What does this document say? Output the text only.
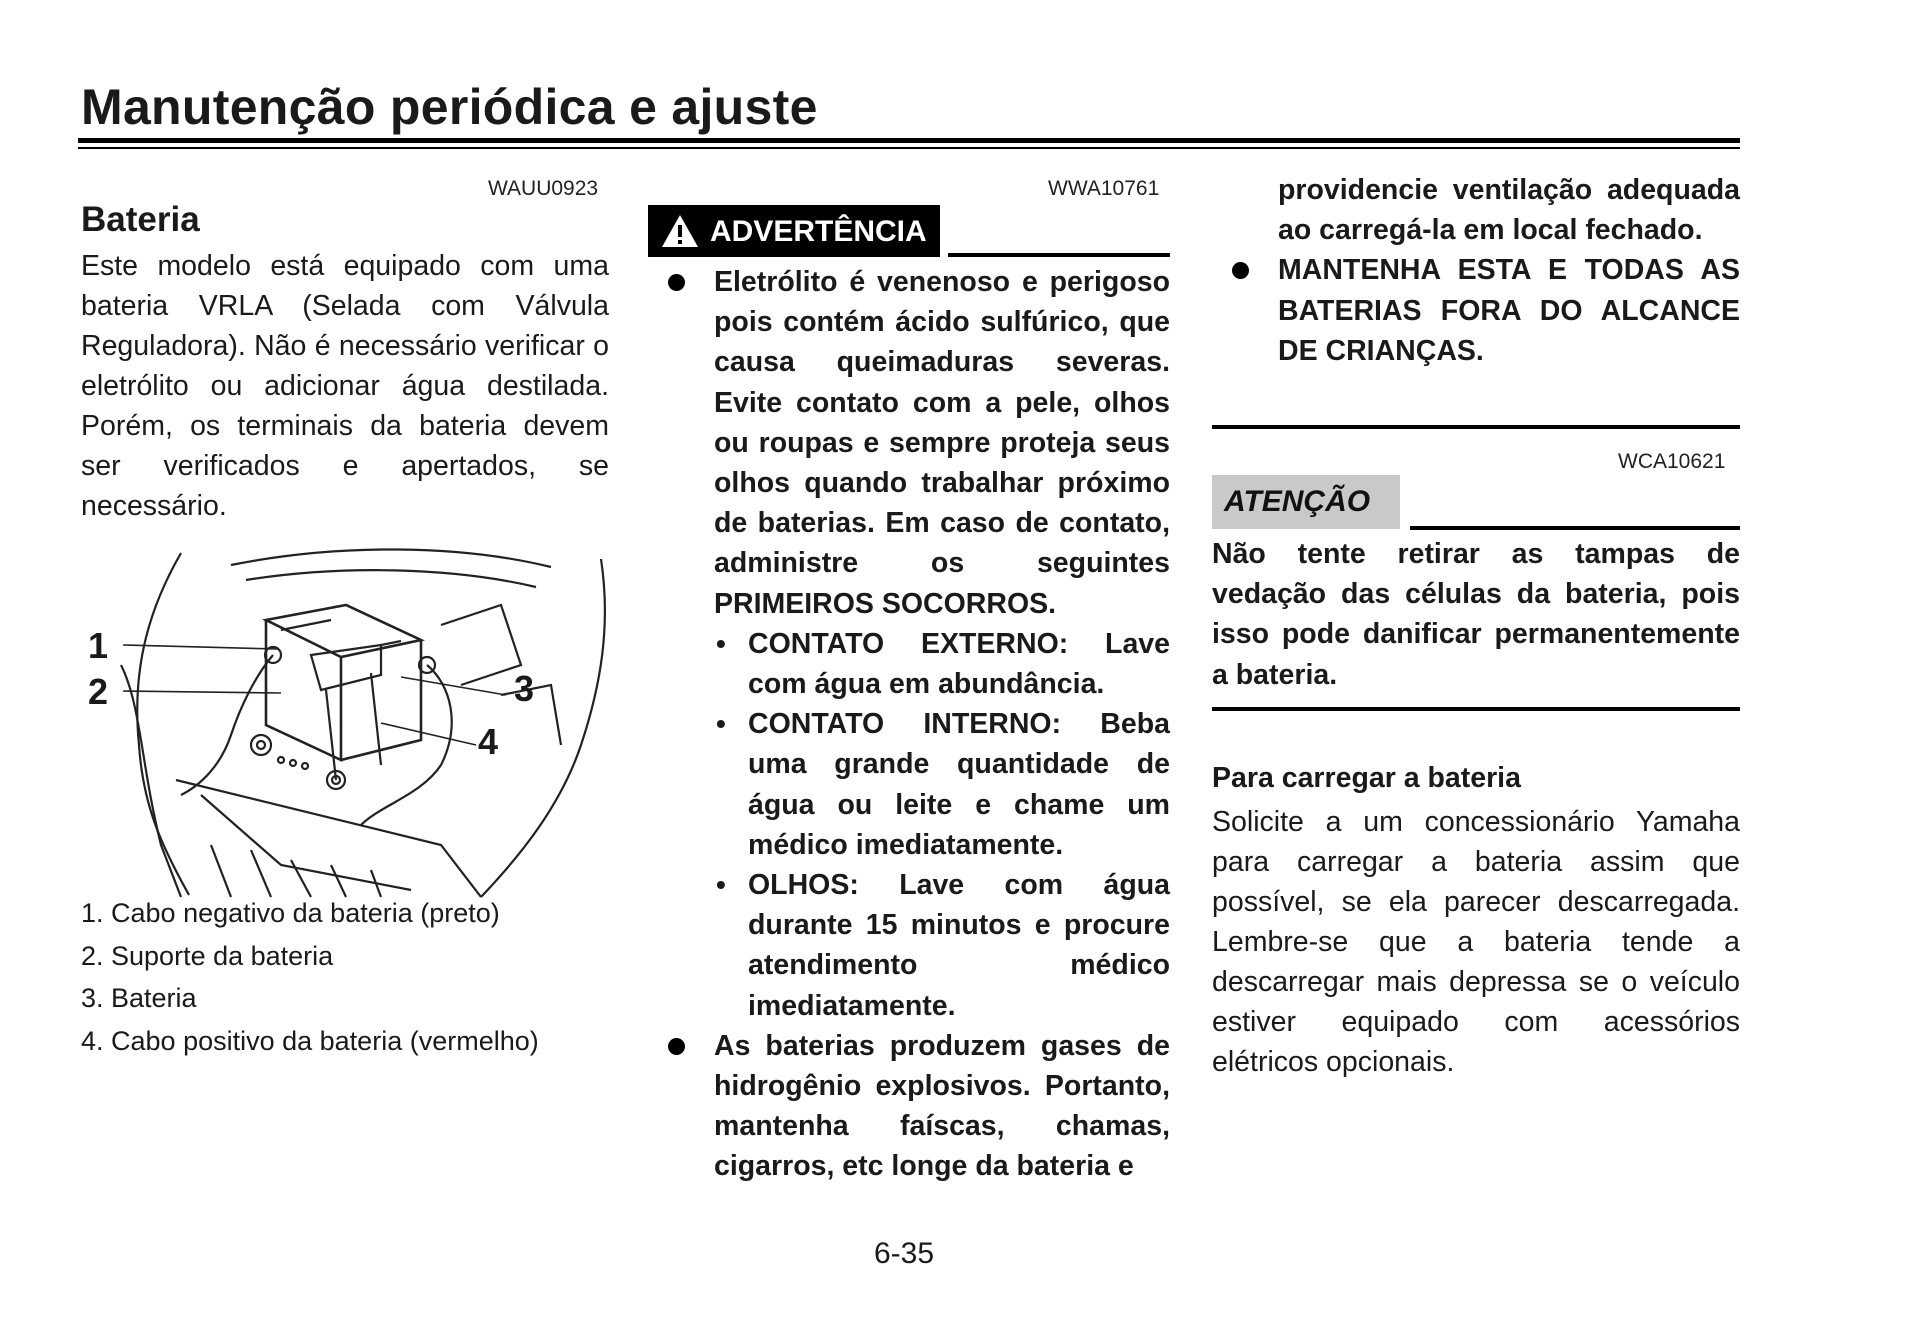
Manutenção periódica e ajuste
WAUU0923
Bateria
Este modelo está equipado com uma bateria VRLA (Selada com Válvula Reguladora). Não é necessário verificar o eletrólito ou adicionar água destilada. Porém, os terminais da bateria devem ser verificados e apertados, se necessário.
1
2	3
4
1. Cabo negativo da bateria (preto)
2. Suporte da bateria
3. Bateria
4. Cabo positivo da bateria (vermelho)
WWA10761
ADVERTÊNCIA
Eletrólito é venenoso e perigoso pois contém ácido sulfúrico, que causa queimaduras severas. Evite contato com a pele, olhos ou roupas e sempre proteja seus olhos quando trabalhar próximo de baterias. Em caso de contato, administre os seguintes PRIMEIROS SOCORROS.
• CONTATO EXTERNO: Lave com água em abundância.
• CONTATO INTERNO: Beba uma grande quantidade de água ou leite e chame um médico imediatamente.
• OLHOS: Lave com água durante 15 minutos e procure atendimento médico imediatamente.
As baterias produzem gases de hidrogênio explosivos. Portanto, mantenha faíscas, chamas, cigarros, etc longe da bateria e
providencie ventilação adequada ao carregá-la em local fechado.
MANTENHA ESTA E TODAS AS BATERIAS FORA DO ALCANCE DE CRIANÇAS.
WCA10621
ATENÇÃO
Não tente retirar as tampas de vedação das células da bateria, pois isso pode danificar permanentemente a bateria.
Para carregar a bateria
Solicite a um concessionário Yamaha para carregar a bateria assim que possível, se ela parecer descarregada. Lembre-se que a bateria tende a descarregar mais depressa se o veículo estiver equipado com acessórios elétricos opcionais.
6-35
